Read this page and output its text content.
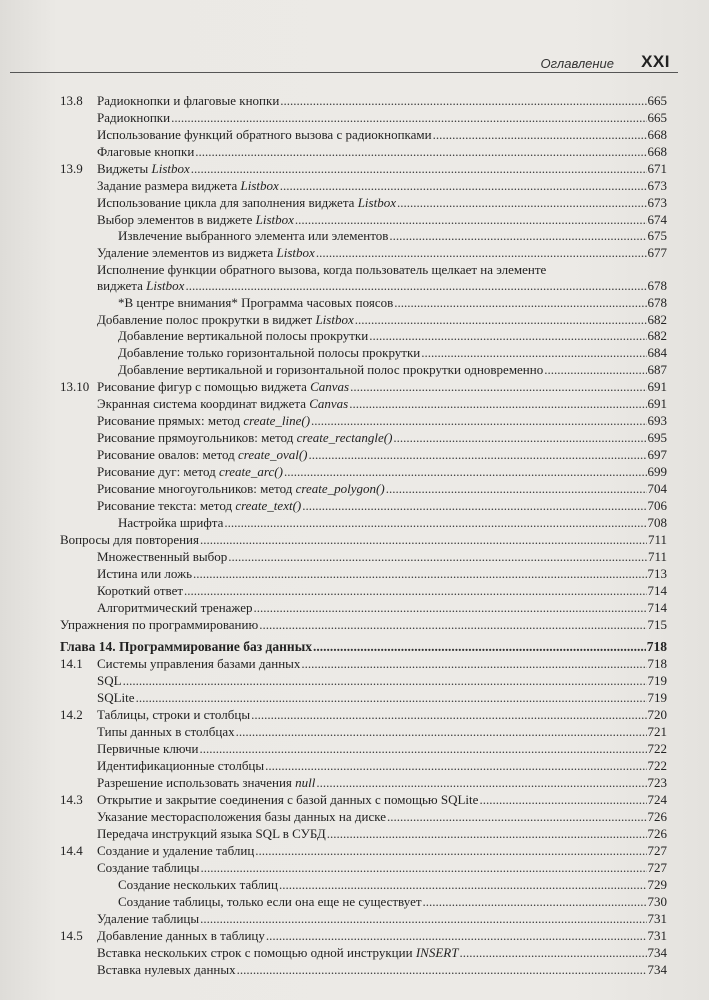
Оглавление XXI
13.8 Радиокнопки и флаговые кнопки .....	665
Радиокнопки .....	665
Использование функций обратного вызова с радиокнопками .....	668
Флаговые кнопки .....	668
13.9 Виджеты Listbox .....	671
Задание размера виджета Listbox .....	673
Использование цикла для заполнения виджета Listbox .....	673
Выбор элементов в виджете Listbox .....	674
Извлечение выбранного элемента или элементов .....	675
Удаление элементов из виджета Listbox .....	677
Исполнение функции обратного вызова, когда пользователь щелкает на элементе
виджета Listbox .....	678
*В центре внимания* Программа часовых поясов .....	678
Добавление полос прокрутки в виджет Listbox .....	682
Добавление вертикальной полосы прокрутки .....	682
Добавление только горизонтальной полосы прокрутки .....	684
Добавление вертикальной и горизонтальной полос прокрутки одновременно .....	687
13.10 Рисование фигур с помощью виджета Canvas .....	691
Экранная система координат виджета Canvas .....	691
Рисование прямых: метод create_line() .....	693
Рисование прямоугольников: метод create_rectangle() .....	695
Рисование овалов: метод create_oval() .....	697
Рисование дуг: метод create_arc() .....	699
Рисование многоугольников: метод create_polygon() .....	704
Рисование текста: метод create_text() .....	706
Настройка шрифта .....	708
Вопросы для повторения .....	711
Множественный выбор .....	711
Истина или ложь .....	713
Короткий ответ .....	714
Алгоритмический тренажер .....	714
Упражнения по программированию .....	715
Глава 14. Программирование баз данных .....	718
14.1 Системы управления базами данных .....	718
SQL .....	719
SQLite .....	719
14.2 Таблицы, строки и столбцы .....	720
Типы данных в столбцах .....	721
Первичные ключи .....	722
Идентификационные столбцы .....	722
Разрешение использовать значения null .....	723
14.3 Открытие и закрытие соединения с базой данных с помощью SQLite .....	724
Указание месторасположения базы данных на диске .....	726
Передача инструкций языка SQL в СУБД .....	726
14.4 Создание и удаление таблиц .....	727
Создание таблицы .....	727
Создание нескольких таблиц .....	729
Создание таблицы, только если она еще не существует .....	730
Удаление таблицы .....	731
14.5 Добавление данных в таблицу .....	731
Вставка нескольких строк с помощью одной инструкции INSERT .....	734
Вставка нулевых данных .....	734
